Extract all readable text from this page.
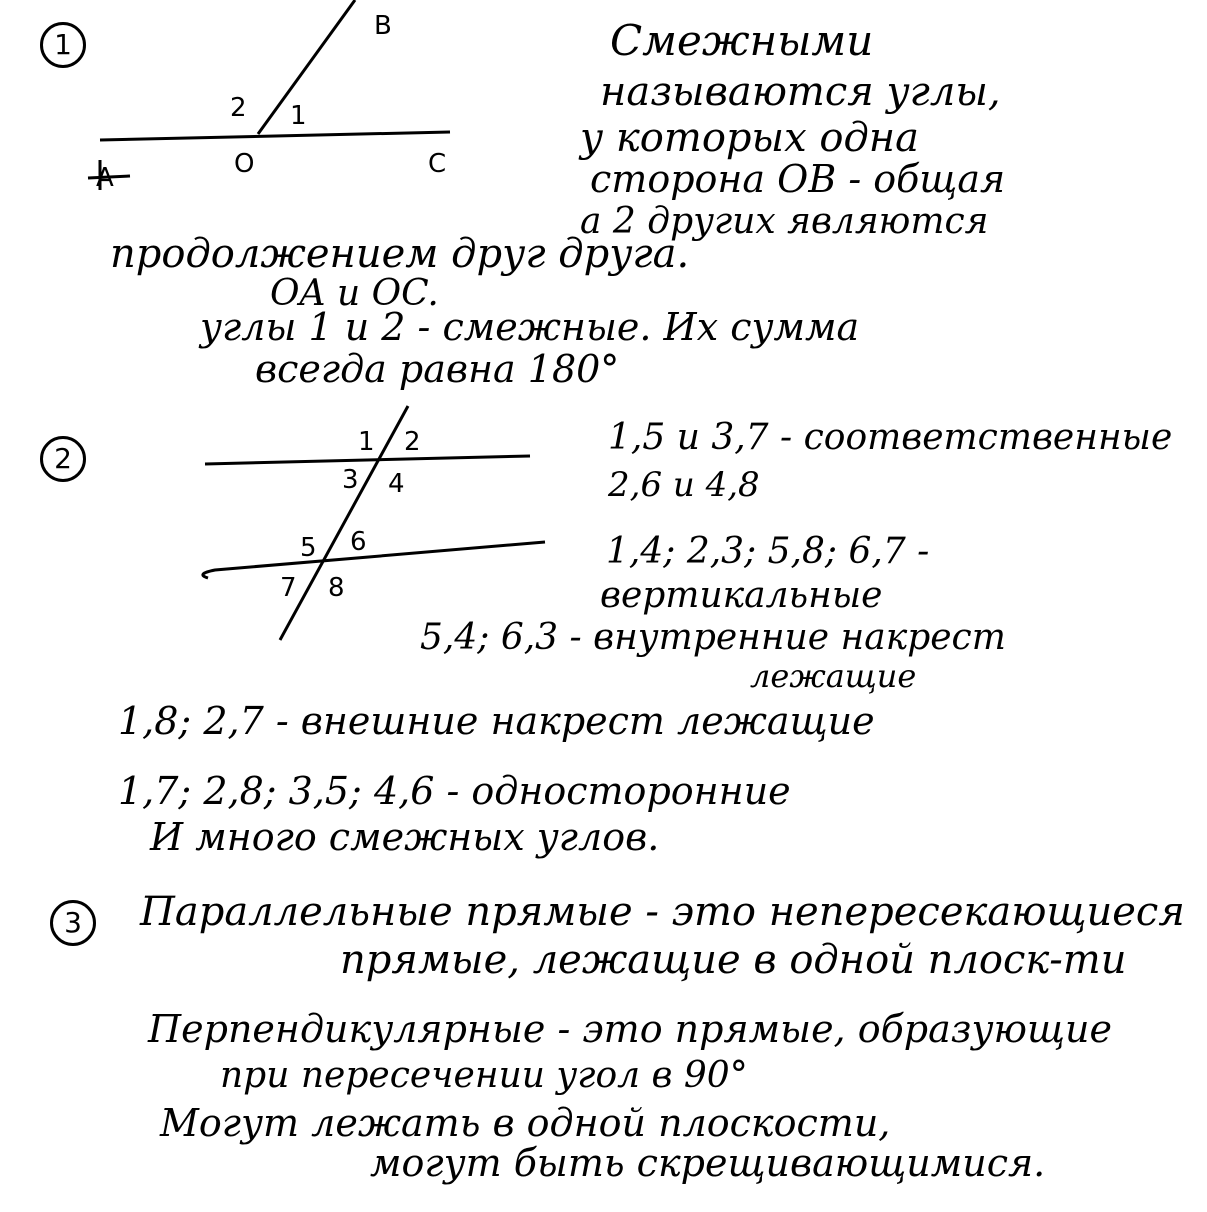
1
B
A	O	C
2 1
Смежными
называются углы,
у которых одна
сторона OB - общая
а 2 других являются
продолжением друг друга.
OA и OC.
углы 1 и 2 - смежные. Их сумма
всегда равна 180°
2	1 2
3 4
5 6
7 8
1,5 и 3,7 - соответственные
2,6 и 4,8
1,4; 2,3; 5,8; 6,7 -
вертикальные
5,4; 6,3 - внутренние накрест
лежащие
1,8; 2,7 - внешние накрест лежащие
1,7; 2,8; 3,5; 4,6 - односторонние
И много смежных углов.
3	Параллельные прямые - это непересекающиеся
прямые, лежащие в одной плоск-ти
Перпендикулярные - это прямые, образующие
при пересечении угол в 90°
Могут лежать в одной плоскости,
могут быть скрещивающимися.
